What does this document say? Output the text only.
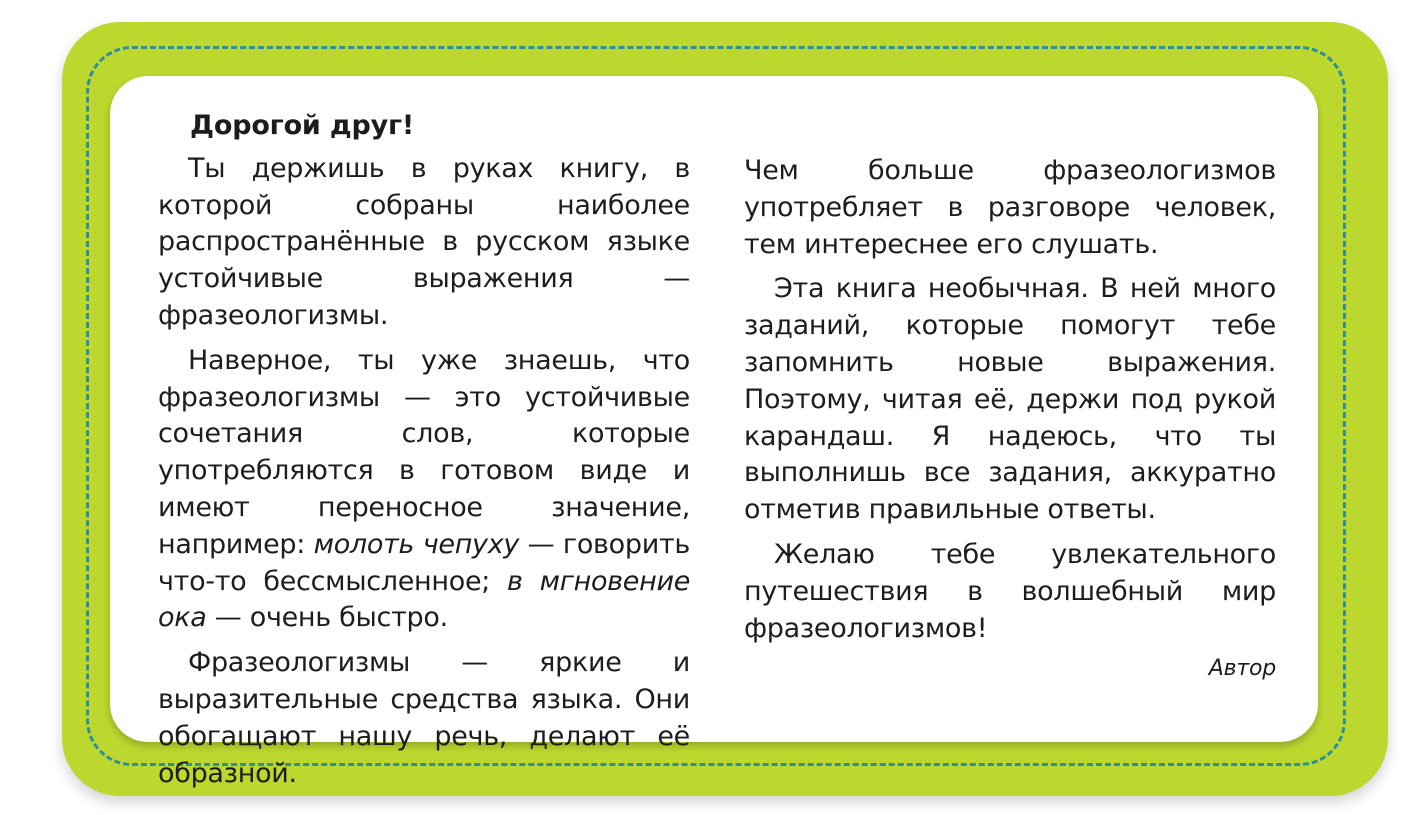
Дорогой друг!

Ты держишь в руках книгу, в которой собраны наиболее распространённые в русском языке устойчивые выражения — фразеологизмы.

Наверное, ты уже знаешь, что фразеологизмы — это устойчивые сочетания слов, которые употребляются в готовом виде и имеют переносное значение, например: молоть чепуху — говорить что-то бессмысленное; в мгновение ока — очень быстро.

Фразеологизмы — яркие и выразительные средства языка. Они обогащают нашу речь, делают её образной.

Чем больше фразеологизмов употребляет в разговоре человек, тем интереснее его слушать.

Эта книга необычная. В ней много заданий, которые помогут тебе запомнить новые выражения. Поэтому, читая её, держи под рукой карандаш. Я надеюсь, что ты выполнишь все задания, аккуратно отметив правильные ответы.

Желаю тебе увлекательного путешествия в волшебный мир фразеологизмов!

Автор
